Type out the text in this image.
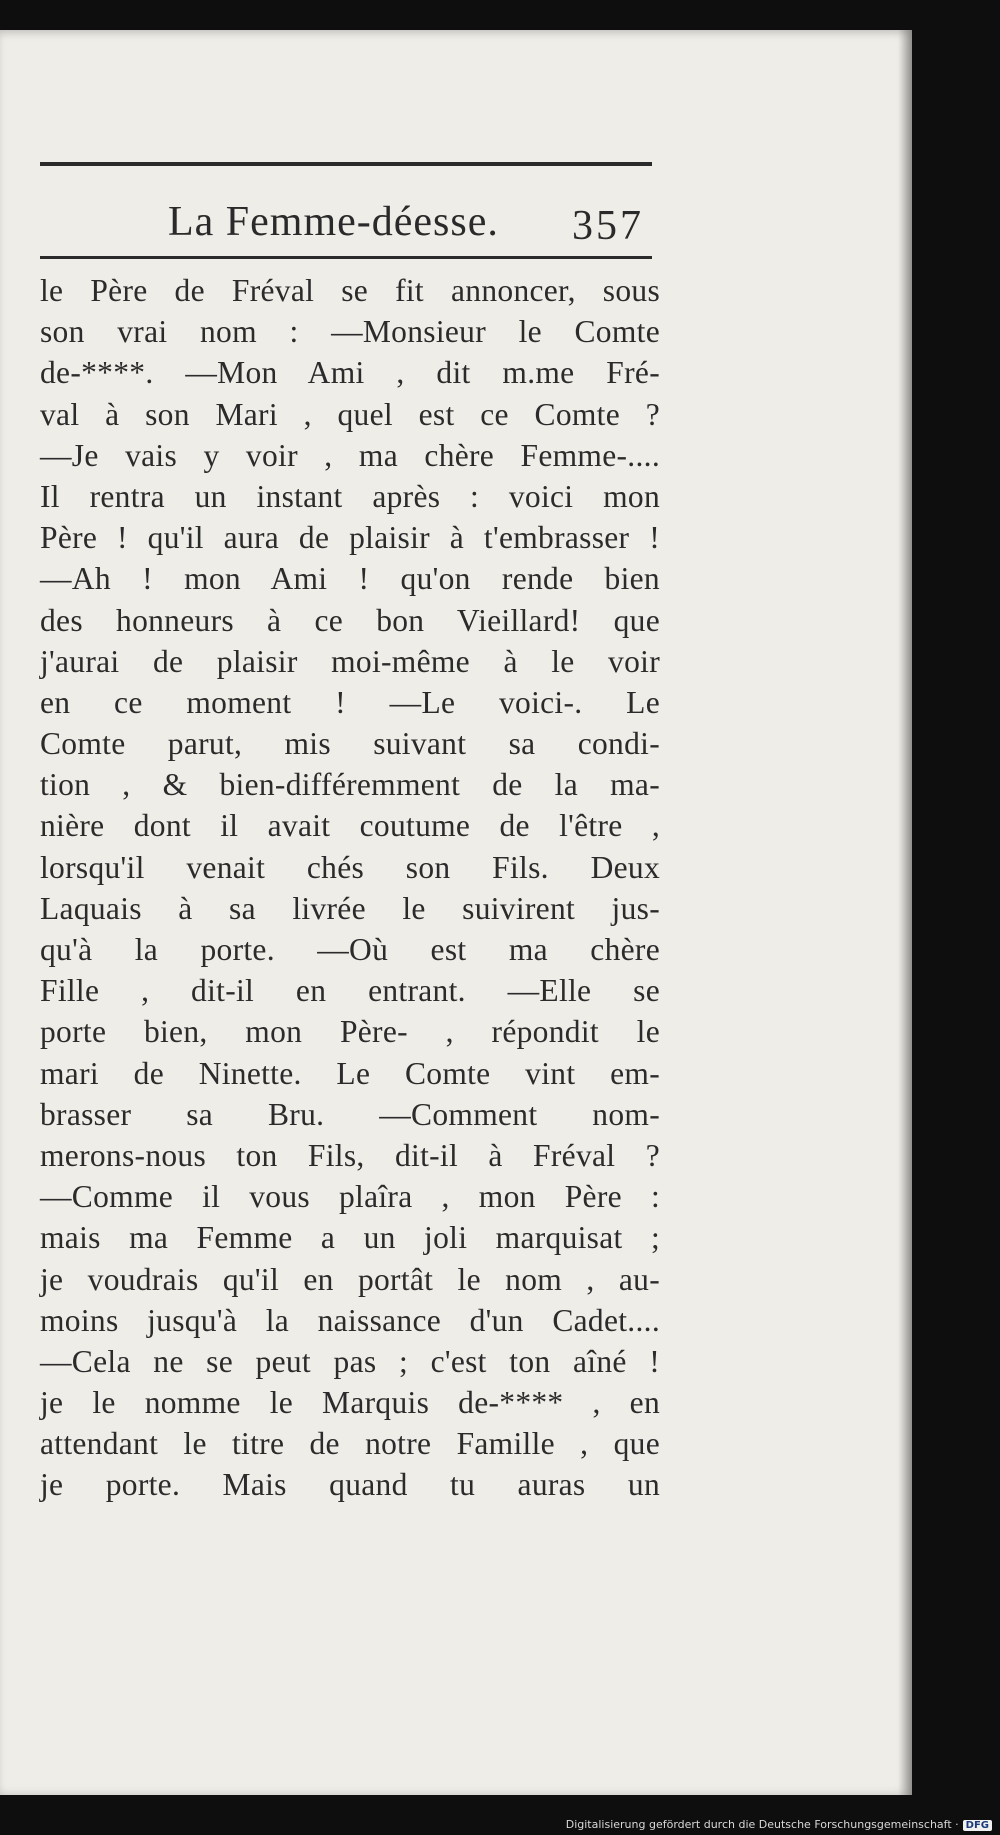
La Femme-déesse. 357
le Père de Fréval se fit annoncer, sous
son vrai nom : —Monsieur le Comte
de-****. —Mon Ami , dit m.me Fré-
val à son Mari , quel est ce Comte ?
—Je vais y voir , ma chère Femme-....
Il rentra un instant après : voici mon
Père ! qu'il aura de plaisir à t'embrasser !
—Ah ! mon Ami ! qu'on rende bien
des honneurs à ce bon Vieillard! que
j'aurai de plaisir moi-même à le voir
en ce moment ! —Le voici-. Le
Comte parut, mis suivant sa condi-
tion , & bien-différemment de la ma-
nière dont il avait coutume de l'être ,
lorsqu'il venait chés son Fils. Deux
Laquais à sa livrée le suivirent jus-
qu'à la porte. —Où est ma chère
Fille , dit-il en entrant. —Elle se
porte bien, mon Père- , répondit le
mari de Ninette. Le Comte vint em-
brasser sa Bru. —Comment nom-
merons-nous ton Fils, dit-il à Fréval ?
—Comme il vous plaîra , mon Père :
mais ma Femme a un joli marquisat ;
je voudrais qu'il en portât le nom , au-
moins jusqu'à la naissance d'un Cadet....
—Cela ne se peut pas ; c'est ton aîné !
je le nomme le Marquis de-**** , en
attendant le titre de notre Famille , que
je porte. Mais quand tu auras un
Digitalisierung gefördert durch die Deutsche Forschungsgemeinschaft · DFG
